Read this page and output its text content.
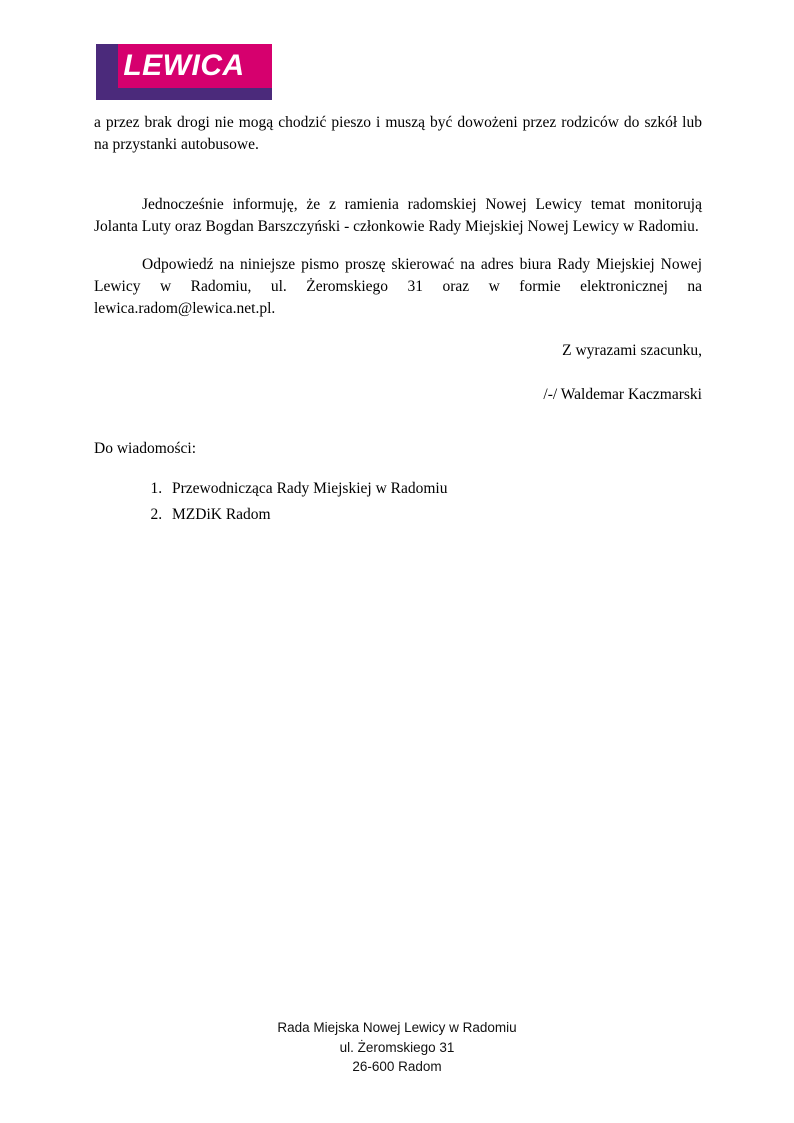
LEWICA

a przez brak drogi nie mogą chodzić pieszo i muszą być dowożeni przez rodziców do szkół lub na przystanki autobusowe.

Jednocześnie informuję, że z ramienia radomskiej Nowej Lewicy temat monitorują Jolanta Luty oraz Bogdan Barszczyński - członkowie Rady Miejskiej Nowej Lewicy w Radomiu.

Odpowiedź na niniejsze pismo proszę skierować na adres biura Rady Miejskiej Nowej Lewicy w Radomiu, ul. Żeromskiego 31 oraz w formie elektronicznej na lewica.radom@lewica.net.pl.

Z wyrazami szacunku,
/-/ Waldemar Kaczmarski

Do wiadomości:

1. Przewodnicząca Rady Miejskiej w Radomiu
2. MZDiK Radom
Rada Miejska Nowej Lewicy w Radomiu
ul. Żeromskiego 31
26-600 Radom
